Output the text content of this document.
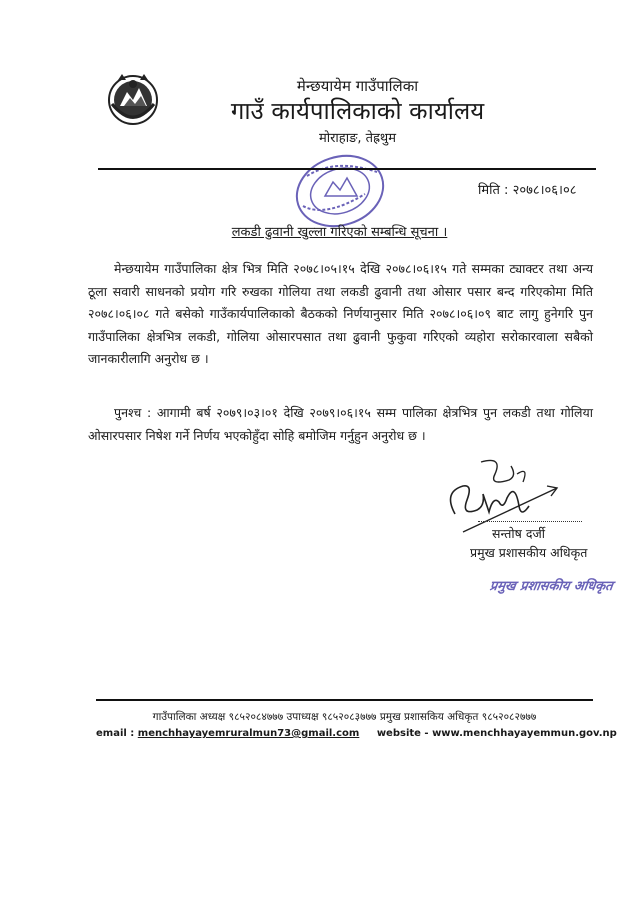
मेन्छयायेम गाउँपालिका
गाउँ कार्यपालिकाको कार्यालय
मोराहाङ, तेह्रथुम
मिति : २०७८।०६।०८
लकडी ढुवानी खुल्ला गरिएको सम्बन्धि सूचना ।
मेन्छयायेम गाउँपालिका क्षेत्र भित्र मिति २०७८।०५।१५ देखि २०७८।०६।१५ गते सम्मका ट्याक्टर तथा अन्य ठूला सवारी साधनको प्रयोग गरि रुखका गोलिया तथा लकडी ढुवानी तथा ओसार पसार बन्द गरिएकोमा मिति २०७८।०६।०८ गते बसेको गाउँकार्यपालिकाको बैठकको निर्णयानुसार मिति २०७८।०६।०९ बाट लागु हुनेगरि पुन गाउँपालिका क्षेत्रभित्र लकडी, गोलिया ओसारपसात तथा ढुवानी फुकुवा गरिएको व्यहोरा सरोकारवाला सबैको जानकारीलागि अनुरोध छ ।
पुनश्च : आगामी बर्ष २०७९।०३।०१ देखि २०७९।०६।१५ सम्म पालिका क्षेत्रभित्र पुन लकडी तथा गोलिया ओसारपसार निषेश गर्ने निर्णय भएकोहुँदा सोहि बमोजिम गर्नुहुन अनुरोध छ ।
सन्तोष दर्जी
प्रमुख प्रशासकीय अधिकृत
प्रमुख प्रशासकीय अधिकृत
गाउँपालिका अध्यक्ष ९८५२०८४७७७ उपाध्यक्ष ९८५२०८३७७७ प्रमुख प्रशासकिय अधिकृत ९८५२०८२७७७
email : menchhayayemruralmun73@gmail.com website - www.menchhayayemmun.gov.np
